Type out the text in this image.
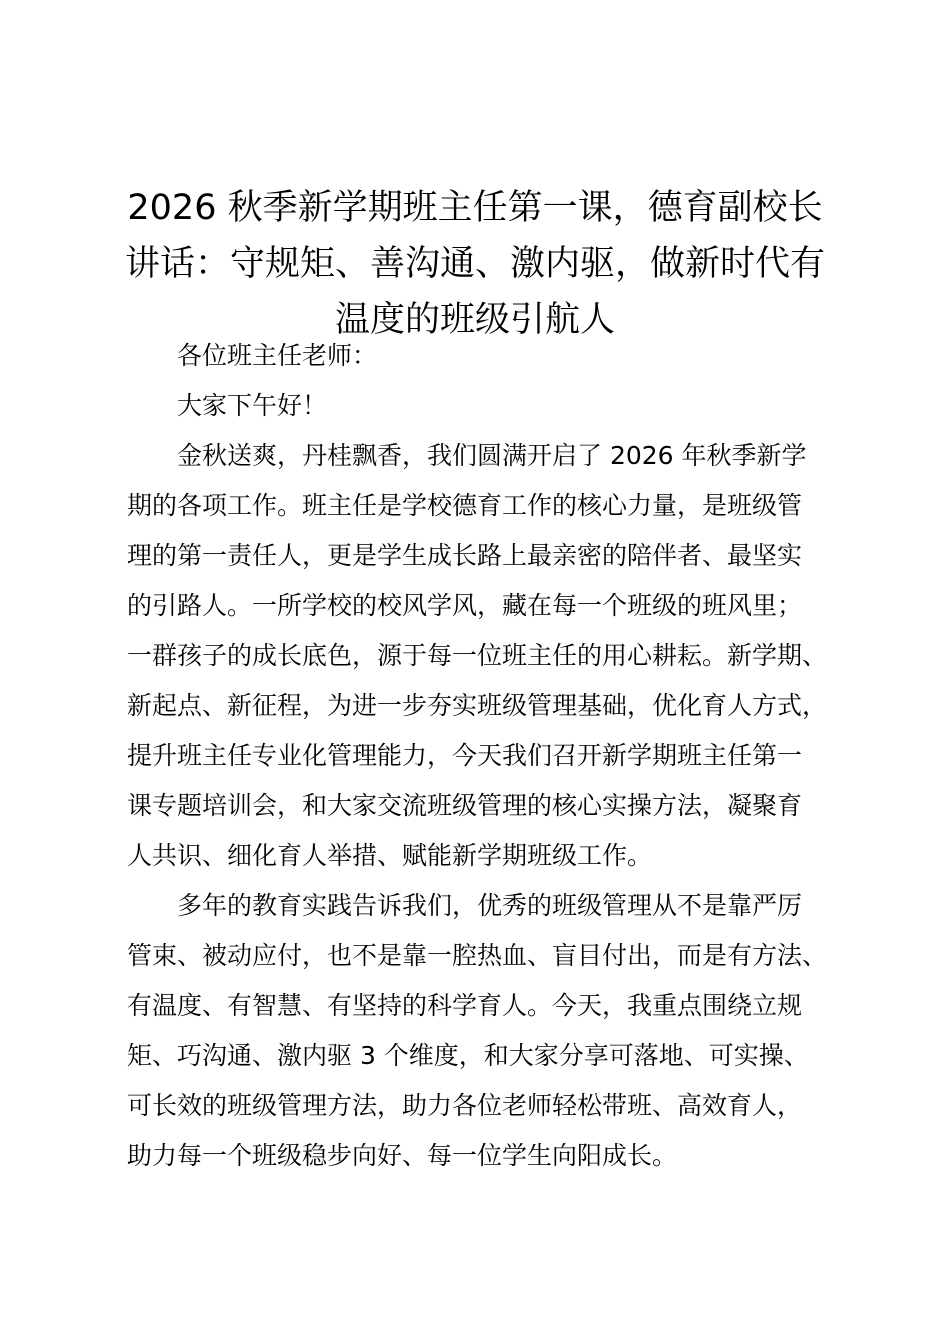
2026 秋季新学期班主任第一课，德育副校长
讲话：守规矩、善沟通、激内驱，做新时代有
温度的班级引航人
各位班主任老师：
大家下午好！
金秋送爽，丹桂飘香，我们圆满开启了 2026 年秋季新学
期的各项工作。班主任是学校德育工作的核心力量，是班级管
理的第一责任人，更是学生成长路上最亲密的陪伴者、最坚实
的引路人。一所学校的校风学风，藏在每一个班级的班风里；
一群孩子的成长底色，源于每一位班主任的用心耕耘。新学期、
新起点、新征程，为进一步夯实班级管理基础，优化育人方式，
提升班主任专业化管理能力，今天我们召开新学期班主任第一
课专题培训会，和大家交流班级管理的核心实操方法，凝聚育
人共识、细化育人举措、赋能新学期班级工作。
多年的教育实践告诉我们，优秀的班级管理从不是靠严厉
管束、被动应付，也不是靠一腔热血、盲目付出，而是有方法、
有温度、有智慧、有坚持的科学育人。今天，我重点围绕立规
矩、巧沟通、激内驱 3 个维度，和大家分享可落地、可实操、
可长效的班级管理方法，助力各位老师轻松带班、高效育人，
助力每一个班级稳步向好、每一位学生向阳成长。
